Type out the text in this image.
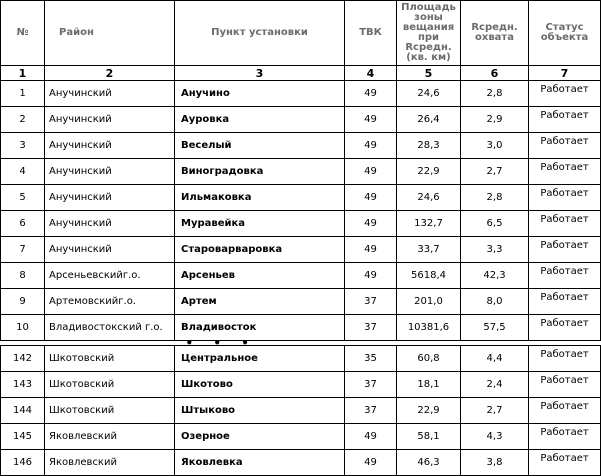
№	Район	Пункт установки	ТВК	Площадь зоны вещания при Rсредн. (кв. км)	Rсредн. охвата	Статус объекта
1	2	3	4	5	6	7
1	Анучинский	Анучино	49	24,6	2,8	Работает
2	Анучинский	Ауровка	49	26,4	2,9	Работает
3	Анучинский	Веселый	49	28,3	3,0	Работает
4	Анучинский	Виноградовка	49	22,9	2,7	Работает
5	Анучинский	Ильмаковка	49	24,6	2,8	Работает
6	Анучинский	Муравейка	49	132,7	6,5	Работает
7	Анучинский	Староварваровка	49	33,7	3,3	Работает
8	Арсеньевскийг.о.	Арсеньев	49	5618,4	42,3	Работает
9	Артемовскийг.о.	Артем	37	201,0	8,0	Работает
10	Владивостокский г.о.	Владивосток	37	10381,6	57,5	Работает

• • •						

142	Шкотовский	Центральное	35	60,8	4,4	Работает
143	Шкотовский	Шкотово	37	18,1	2,4	Работает
144	Шкотовский	Штыково	37	22,9	2,7	Работает
145	Яковлевский	Озерное	49	58,1	4,3	Работает
146	Яковлевский	Яковлевка	49	46,3	3,8	Работает
